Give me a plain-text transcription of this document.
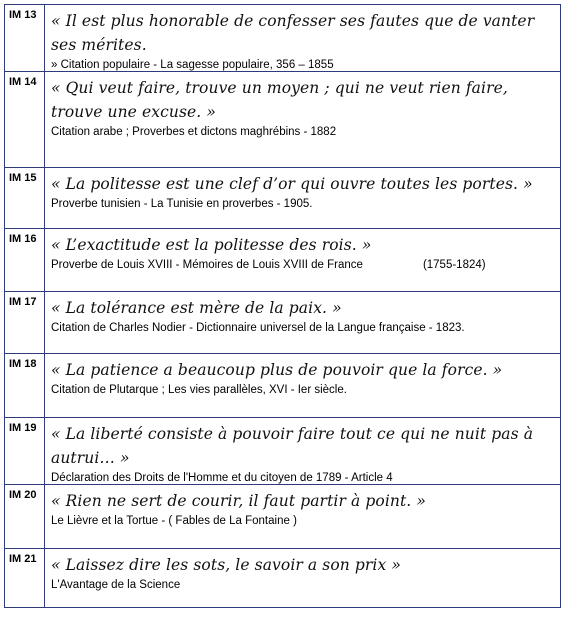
IM 13	« Il est plus honorable de confesser ses fautes que de vanter ses mérites.
» Citation populaire - La sagesse populaire, 356 – 1855

IM 14	« Qui veut faire, trouve un moyen ; qui ne veut rien faire, trouve une excuse. »
Citation arabe ; Proverbes et dictons maghrébins - 1882

IM 15	« La politesse est une clef d’or qui ouvre toutes les portes. »
Proverbe tunisien - La Tunisie en proverbes - 1905.

IM 16	« L’exactitude est la politesse des rois. »
Proverbe de Louis XVIII - Mémoires de Louis XVIII de France (1755-1824)

IM 17	« La tolérance est mère de la paix. »
Citation de Charles Nodier - Dictionnaire universel de la Langue française - 1823.

IM 18	« La patience a beaucoup plus de pouvoir que la force. »
Citation de Plutarque ; Les vies parallèles, XVI - Ier siècle.

IM 19	« La liberté consiste à pouvoir faire tout ce qui ne nuit pas à autrui… »
Déclaration des Droits de l'Homme et du citoyen de 1789 - Article 4

IM 20	« Rien ne sert de courir, il faut partir à point. »
Le Lièvre et la Tortue - ( Fables de La Fontaine )

IM 21	« Laissez dire les sots, le savoir a son prix »
L'Avantage de la Science
